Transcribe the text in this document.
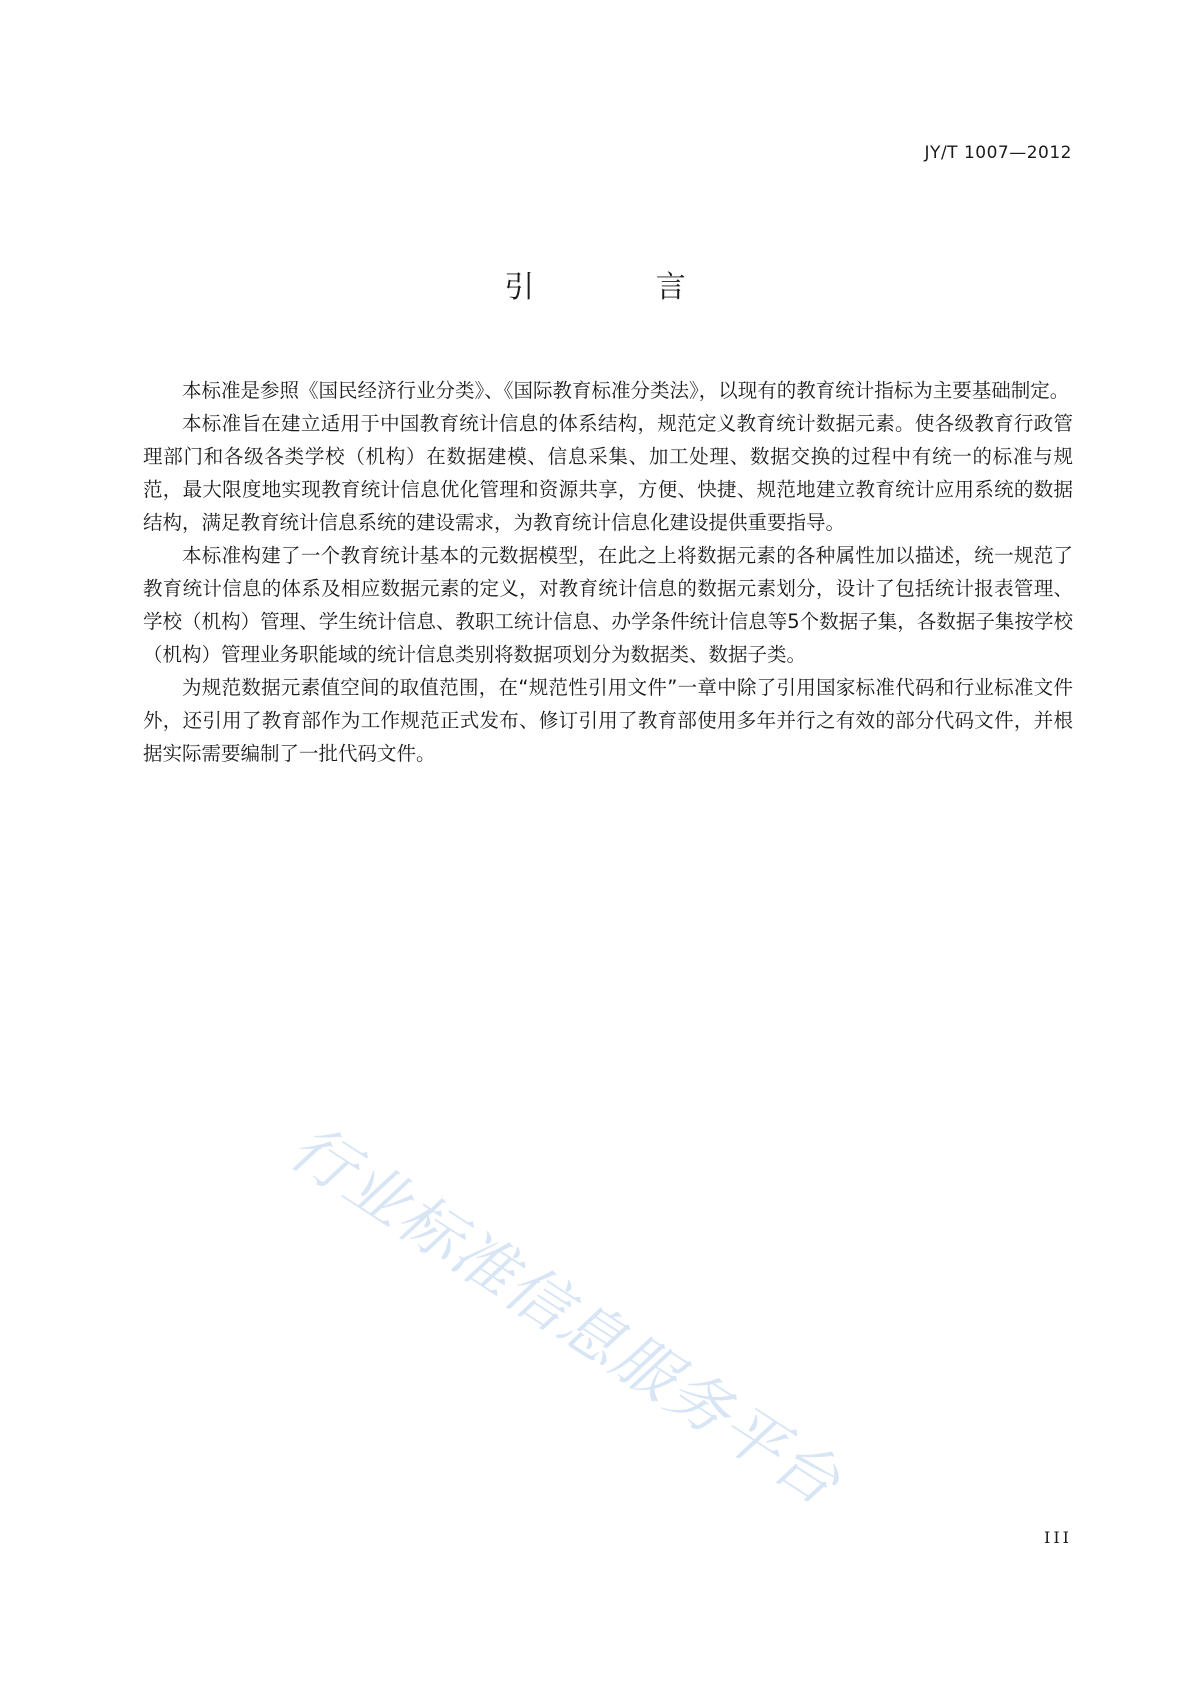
JY/T 1007—2012
引 言

本标准是参照《国民经济行业分类》、《国际教育标准分类法》，以现有的教育统计指标为主要基础制定。

本标准旨在建立适用于中国教育统计信息的体系结构，规范定义教育统计数据元素。使各级教育行政管理部门和各级各类学校（机构）在数据建模、信息采集、加工处理、数据交换的过程中有统一的标准与规范，最大限度地实现教育统计信息优化管理和资源共享，方便、快捷、规范地建立教育统计应用系统的数据结构，满足教育统计信息系统的建设需求，为教育统计信息化建设提供重要指导。

本标准构建了一个教育统计基本的元数据模型，在此之上将数据元素的各种属性加以描述，统一规范了教育统计信息的体系及相应数据元素的定义，对教育统计信息的数据元素划分，设计了包括统计报表管理、学校（机构）管理、学生统计信息、教职工统计信息、办学条件统计信息等5个数据子集，各数据子集按学校（机构）管理业务职能域的统计信息类别将数据项划分为数据类、数据子类。

为规范数据元素值空间的取值范围，在“规范性引用文件”一章中除了引用国家标准代码和行业标准文件外，还引用了教育部作为工作规范正式发布、修订引用了教育部使用多年并行之有效的部分代码文件，并根据实际需要编制了一批代码文件。

行业标准信息服务平台
III
